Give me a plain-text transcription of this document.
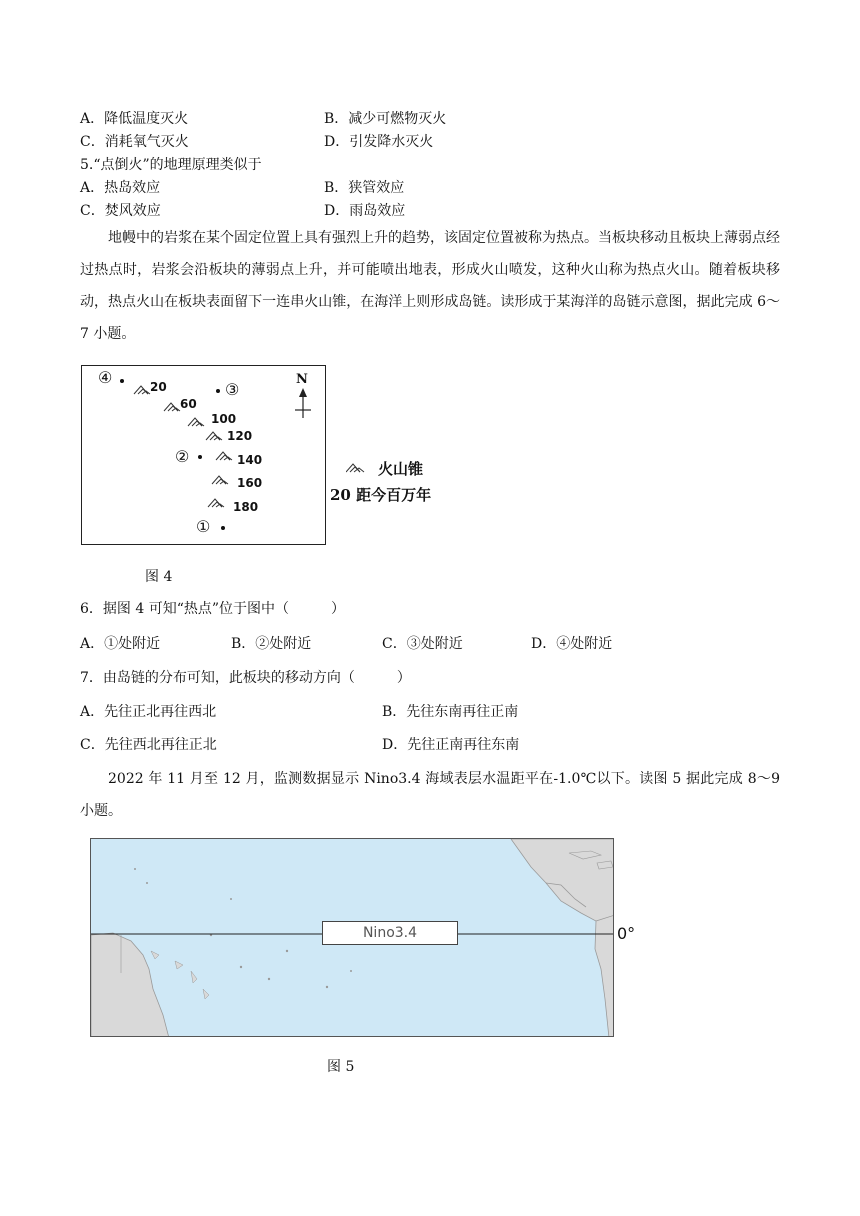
A．降低温度灭火	B．减少可燃物灭火
C．消耗氧气灭火	D．引发降水灭火
5.“点倒火”的地理原理类似于
A．热岛效应	B．狭管效应
C．焚风效应	D．雨岛效应
地幔中的岩浆在某个固定位置上具有强烈上升的趋势，该固定位置被称为热点。当板块移动且板块上薄弱点经过热点时，岩浆会沿板块的薄弱点上升，并可能喷出地表，形成火山喷发，这种火山称为热点火山。随着板块移动，热点火山在板块表面留下一连串火山锥，在海洋上则形成岛链。读形成于某海洋的岛链示意图，据此完成 6～7 小题。
④
③
②
①
N
20
60
100
120
140
160
180
火山锥
20 距今百万年
图 4
6．据图 4 可知“热点”位于图中（　　　）
A．①处附近	B．②处附近	C．③处附近	D．④处附近
7．由岛链的分布可知，此板块的移动方向（　　　）
A．先往正北再往西北	B．先往东南再往正南
C．先往西北再往正北	D．先往正南再往东南
2022 年 11 月至 12 月，监测数据显示 Nino3.4 海域表层水温距平在-1.0℃以下。读图 5 据此完成 8～9 小题。
Nino3.4	0°
图 5
